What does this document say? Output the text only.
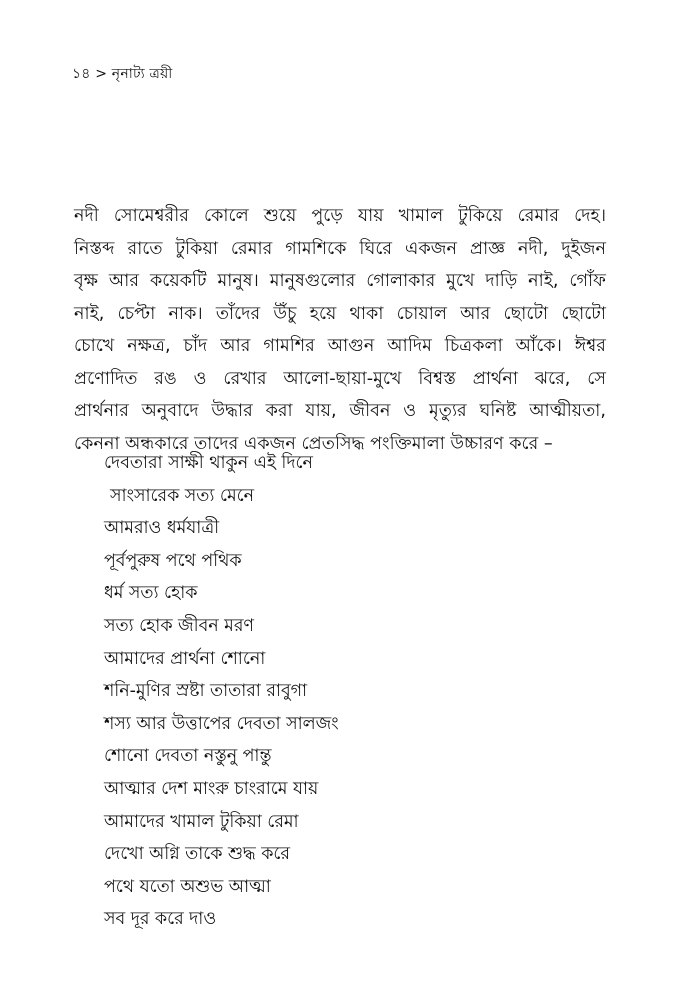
১৪ > নৃনাট্য ত্রয়ী
নদী সোমেশ্বরীর কোলে শুয়ে পুড়ে যায় খামাল টুকিয়ে রেমার দেহ।
নিস্তব্দ রাতে টুকিয়া রেমার গামশিকে ঘিরে একজন প্রাজ্ঞ নদী, দুইজন
বৃক্ষ আর কয়েকটি মানুষ। মানুষগুলোর গোলাকার মুখে দাড়ি নাই, গোঁফ
নাই, চেপ্টা নাক। তাঁদের উঁচু হয়ে থাকা চোয়াল আর ছোটো ছোটো
চোখে নক্ষত্র, চাঁদ আর গামশির আগুন আদিম চিত্রকলা আঁকে। ঈশ্বর
প্রণোদিত রঙ ও রেখার আলো-ছায়া-মুখে বিশ্বস্ত প্রার্থনা ঝরে, সে
প্রার্থনার অনুবাদে উদ্ধার করা যায়, জীবন ও মৃত্যুর ঘনিষ্ট আত্মীয়তা,
কেননা অন্ধকারে তাদের একজন প্রেতসিদ্ধ পংক্তিমালা উচ্চারণ করে –
দেবতারা সাক্ষী থাকুন এই দিনে
সাংসারেক সত্য মেনে
আমরাও ধর্মযাত্রী
পূর্বপুরুষ পথে পথিক
ধর্ম সত্য হোক
সত্য হোক জীবন মরণ
আমাদের প্রার্থনা শোনো
শনি-মুণির স্রষ্টা তাতারা রাবুগা
শস্য আর উত্তাপের দেবতা সালজং
শোনো দেবতা নস্তুনু পান্তু
আত্মার দেশ মাংরু চাংরামে যায়
আমাদের খামাল টুকিয়া রেমা
দেখো অগ্নি তাকে শুদ্ধ করে
পথে যতো অশুভ আত্মা
সব দূর করে দাও
